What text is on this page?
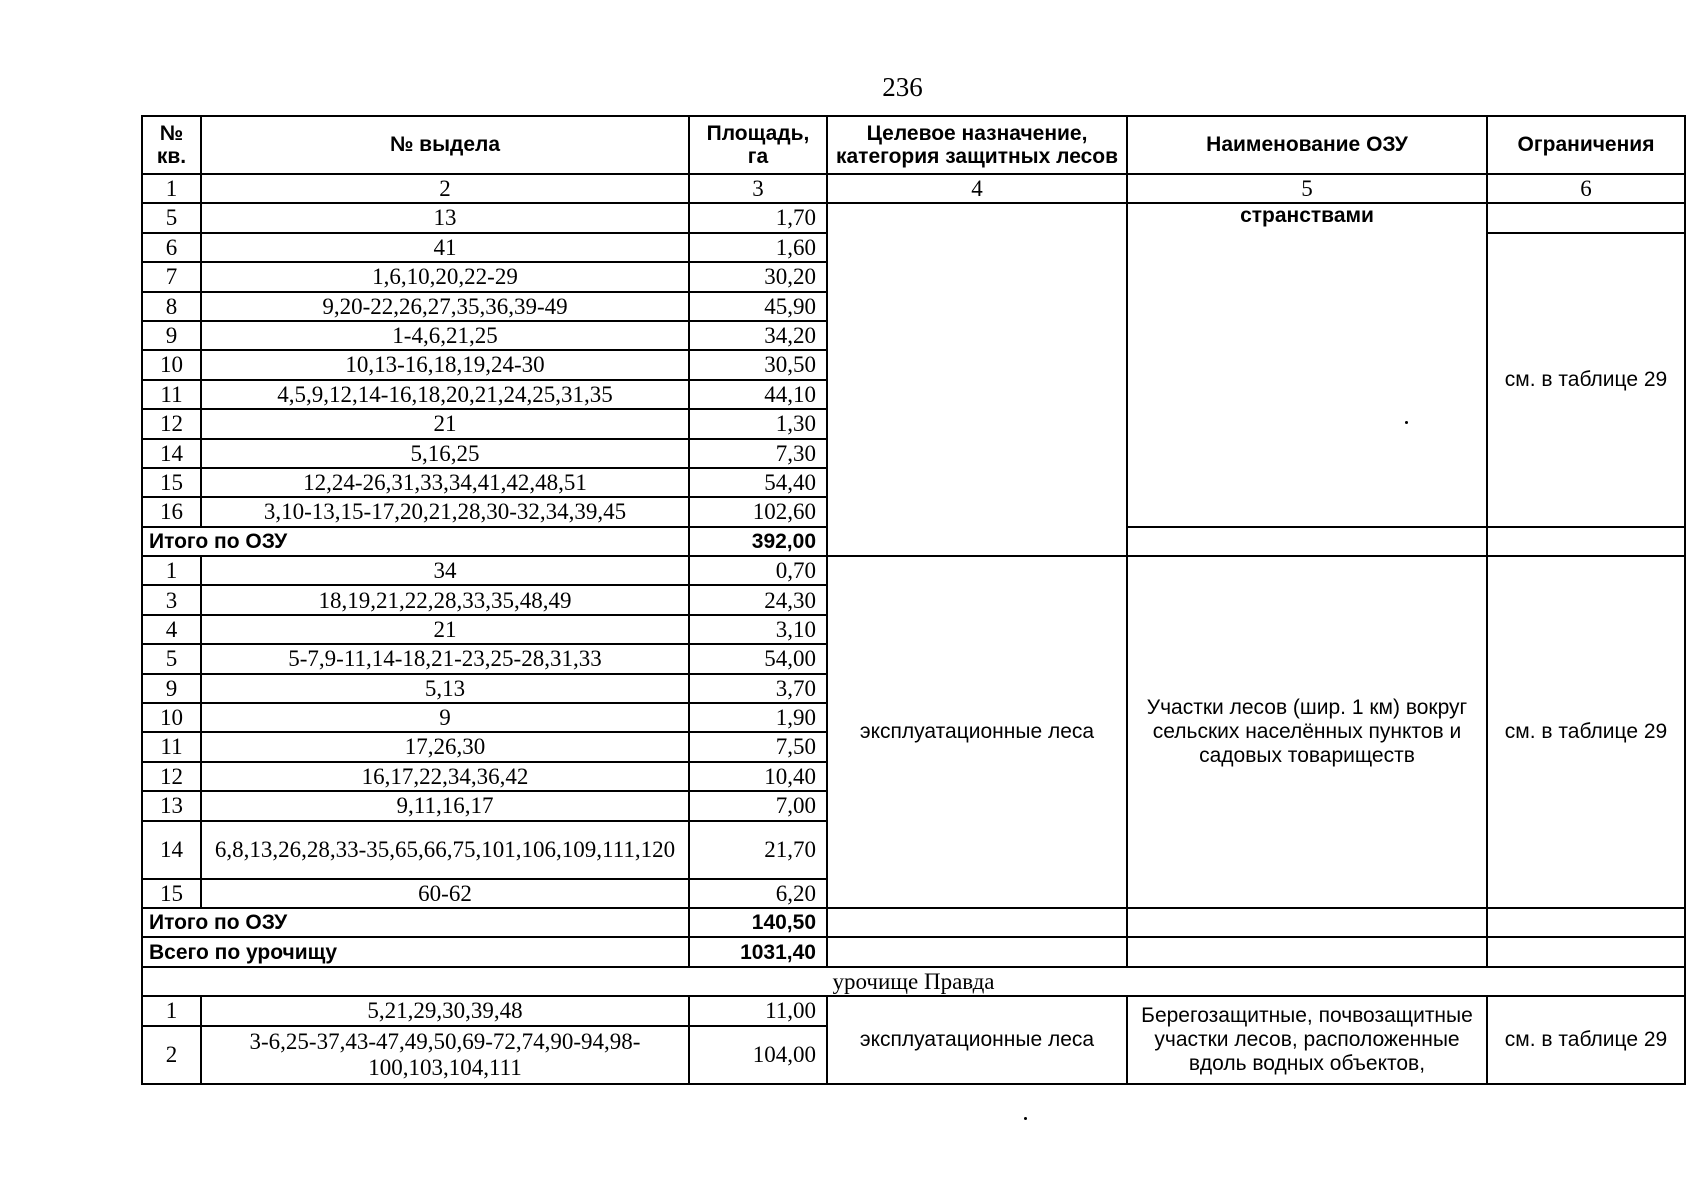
236
№ кв.	№ выдела	Площадь, га	Целевое назначение, категория защитных лесов	Наименование ОЗУ	Ограничения
1	2	3	4	5	6
5	13	1,70		странствами	
6	41	1,60			см. в таблице 29
7	1,6,10,20,22-29	30,20			
8	9,20-22,26,27,35,36,39-49	45,90			
9	1-4,6,21,25	34,20			
10	10,13-16,18,19,24-30	30,50			
11	4,5,9,12,14-16,18,20,21,24,25,31,35	44,10			
12	21	1,30			
14	5,16,25	7,30			
15	12,24-26,31,33,34,41,42,48,51	54,40			
16	3,10-13,15-17,20,21,28,30-32,34,39,45	102,60			
Итого по ОЗУ		392,00			
1	34	0,70	эксплуатационные леса	Участки лесов (шир. 1 км) вокруг сельских населённых пунктов и садовых товариществ	см. в таблице 29
3	18,19,21,22,28,33,35,48,49	24,30			
4	21	3,10			
5	5-7,9-11,14-18,21-23,25-28,31,33	54,00			
9	5,13	3,70			
10	9	1,90			
11	17,26,30	7,50			
12	16,17,22,34,36,42	10,40			
13	9,11,16,17	7,00			
14	6,8,13,26,28,33-35,65,66,75,101,106,109,111,120	21,70			
15	60-62	6,20			
Итого по ОЗУ		140,50			
Всего по урочищу		1031,40			
урочище Правда					
1	5,21,29,30,39,48	11,00	эксплуатационные леса	Берегозащитные, почвозащитные участки лесов, расположенные вдоль водных объектов,	см. в таблице 29
2	3-6,25-37,43-47,49,50,69-72,74,90-94,98-100,103,104,111	104,00			
